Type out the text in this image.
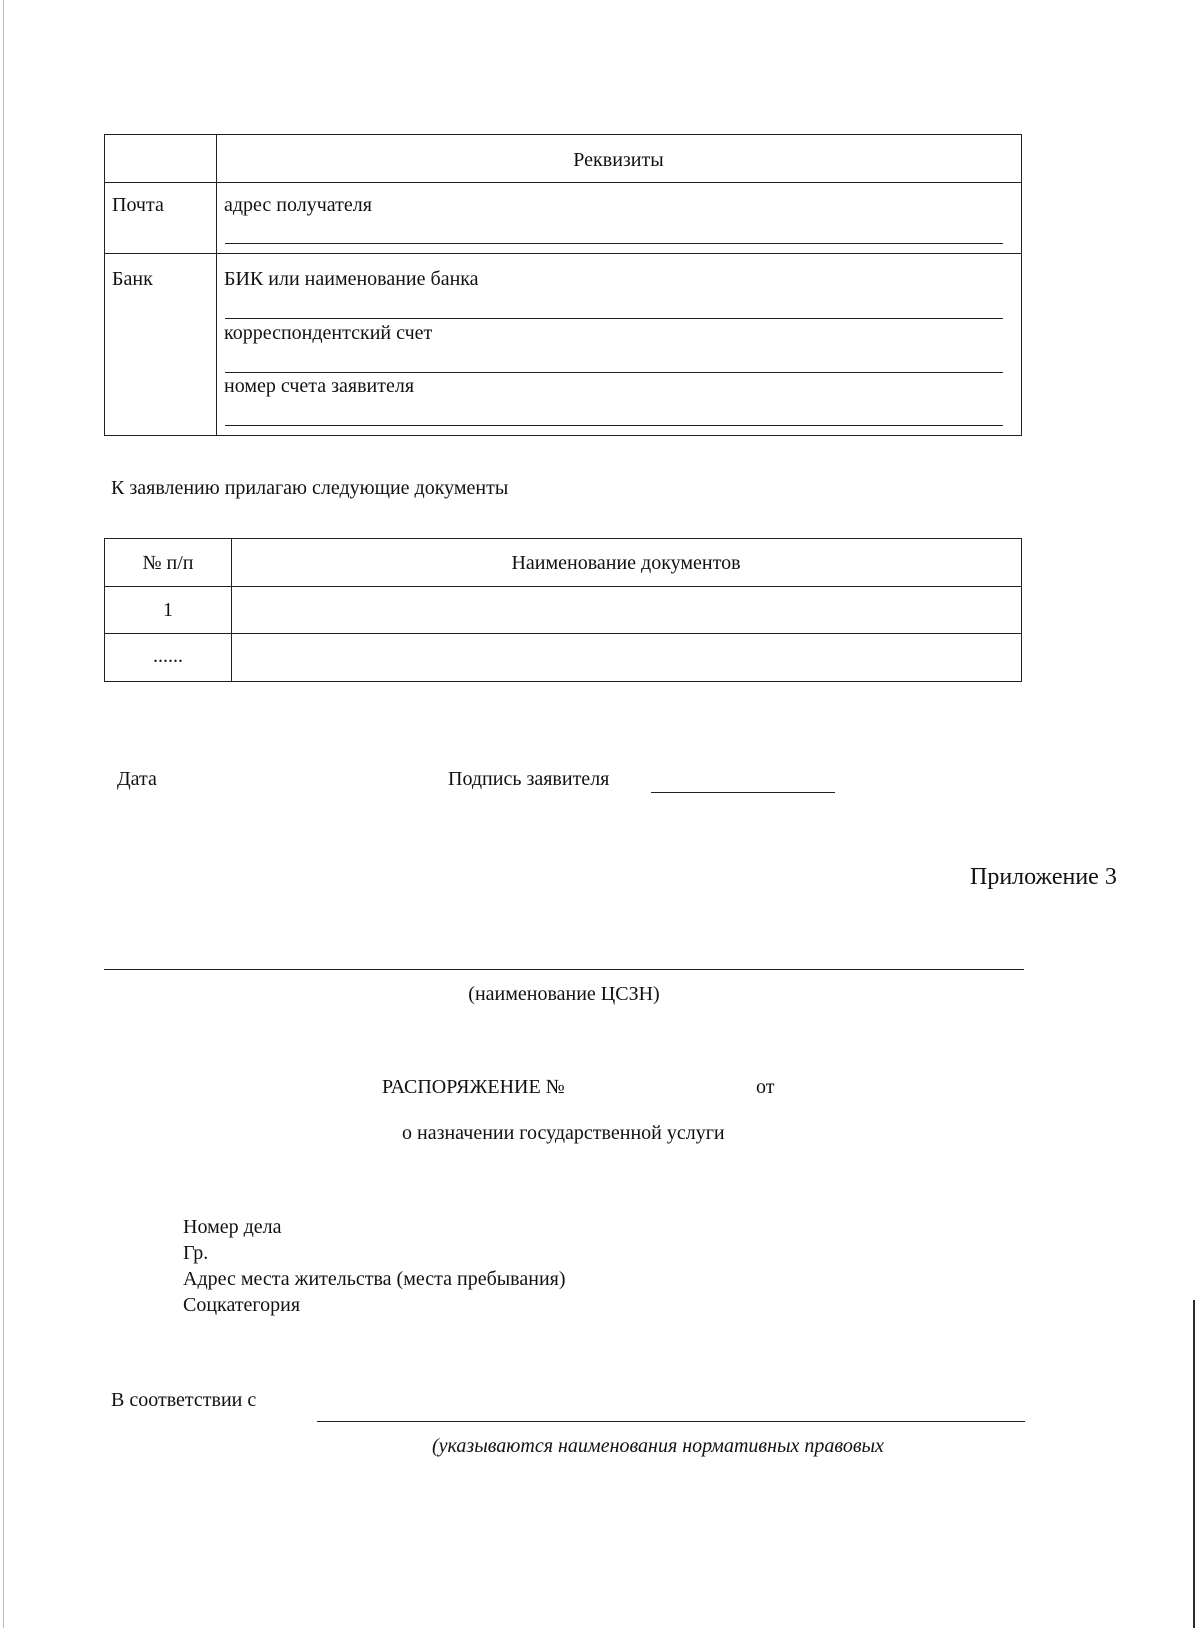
Реквизиты
Почта	адрес получателя
Банк	БИК или наименование банка
корреспондентский счет
номер счета заявителя
К заявлению прилагаю следующие документы
№ п/п	Наименование документов
1
......
Дата	Подпись заявителя
Приложение 3
(наименование ЦСЗН)
РАСПОРЯЖЕНИЕ №	от
о назначении государственной услуги
Номер дела
Гр.
Адрес места жительства (места пребывания)
Соцкатегория
В соответствии с
(указываются наименования нормативных правовых
